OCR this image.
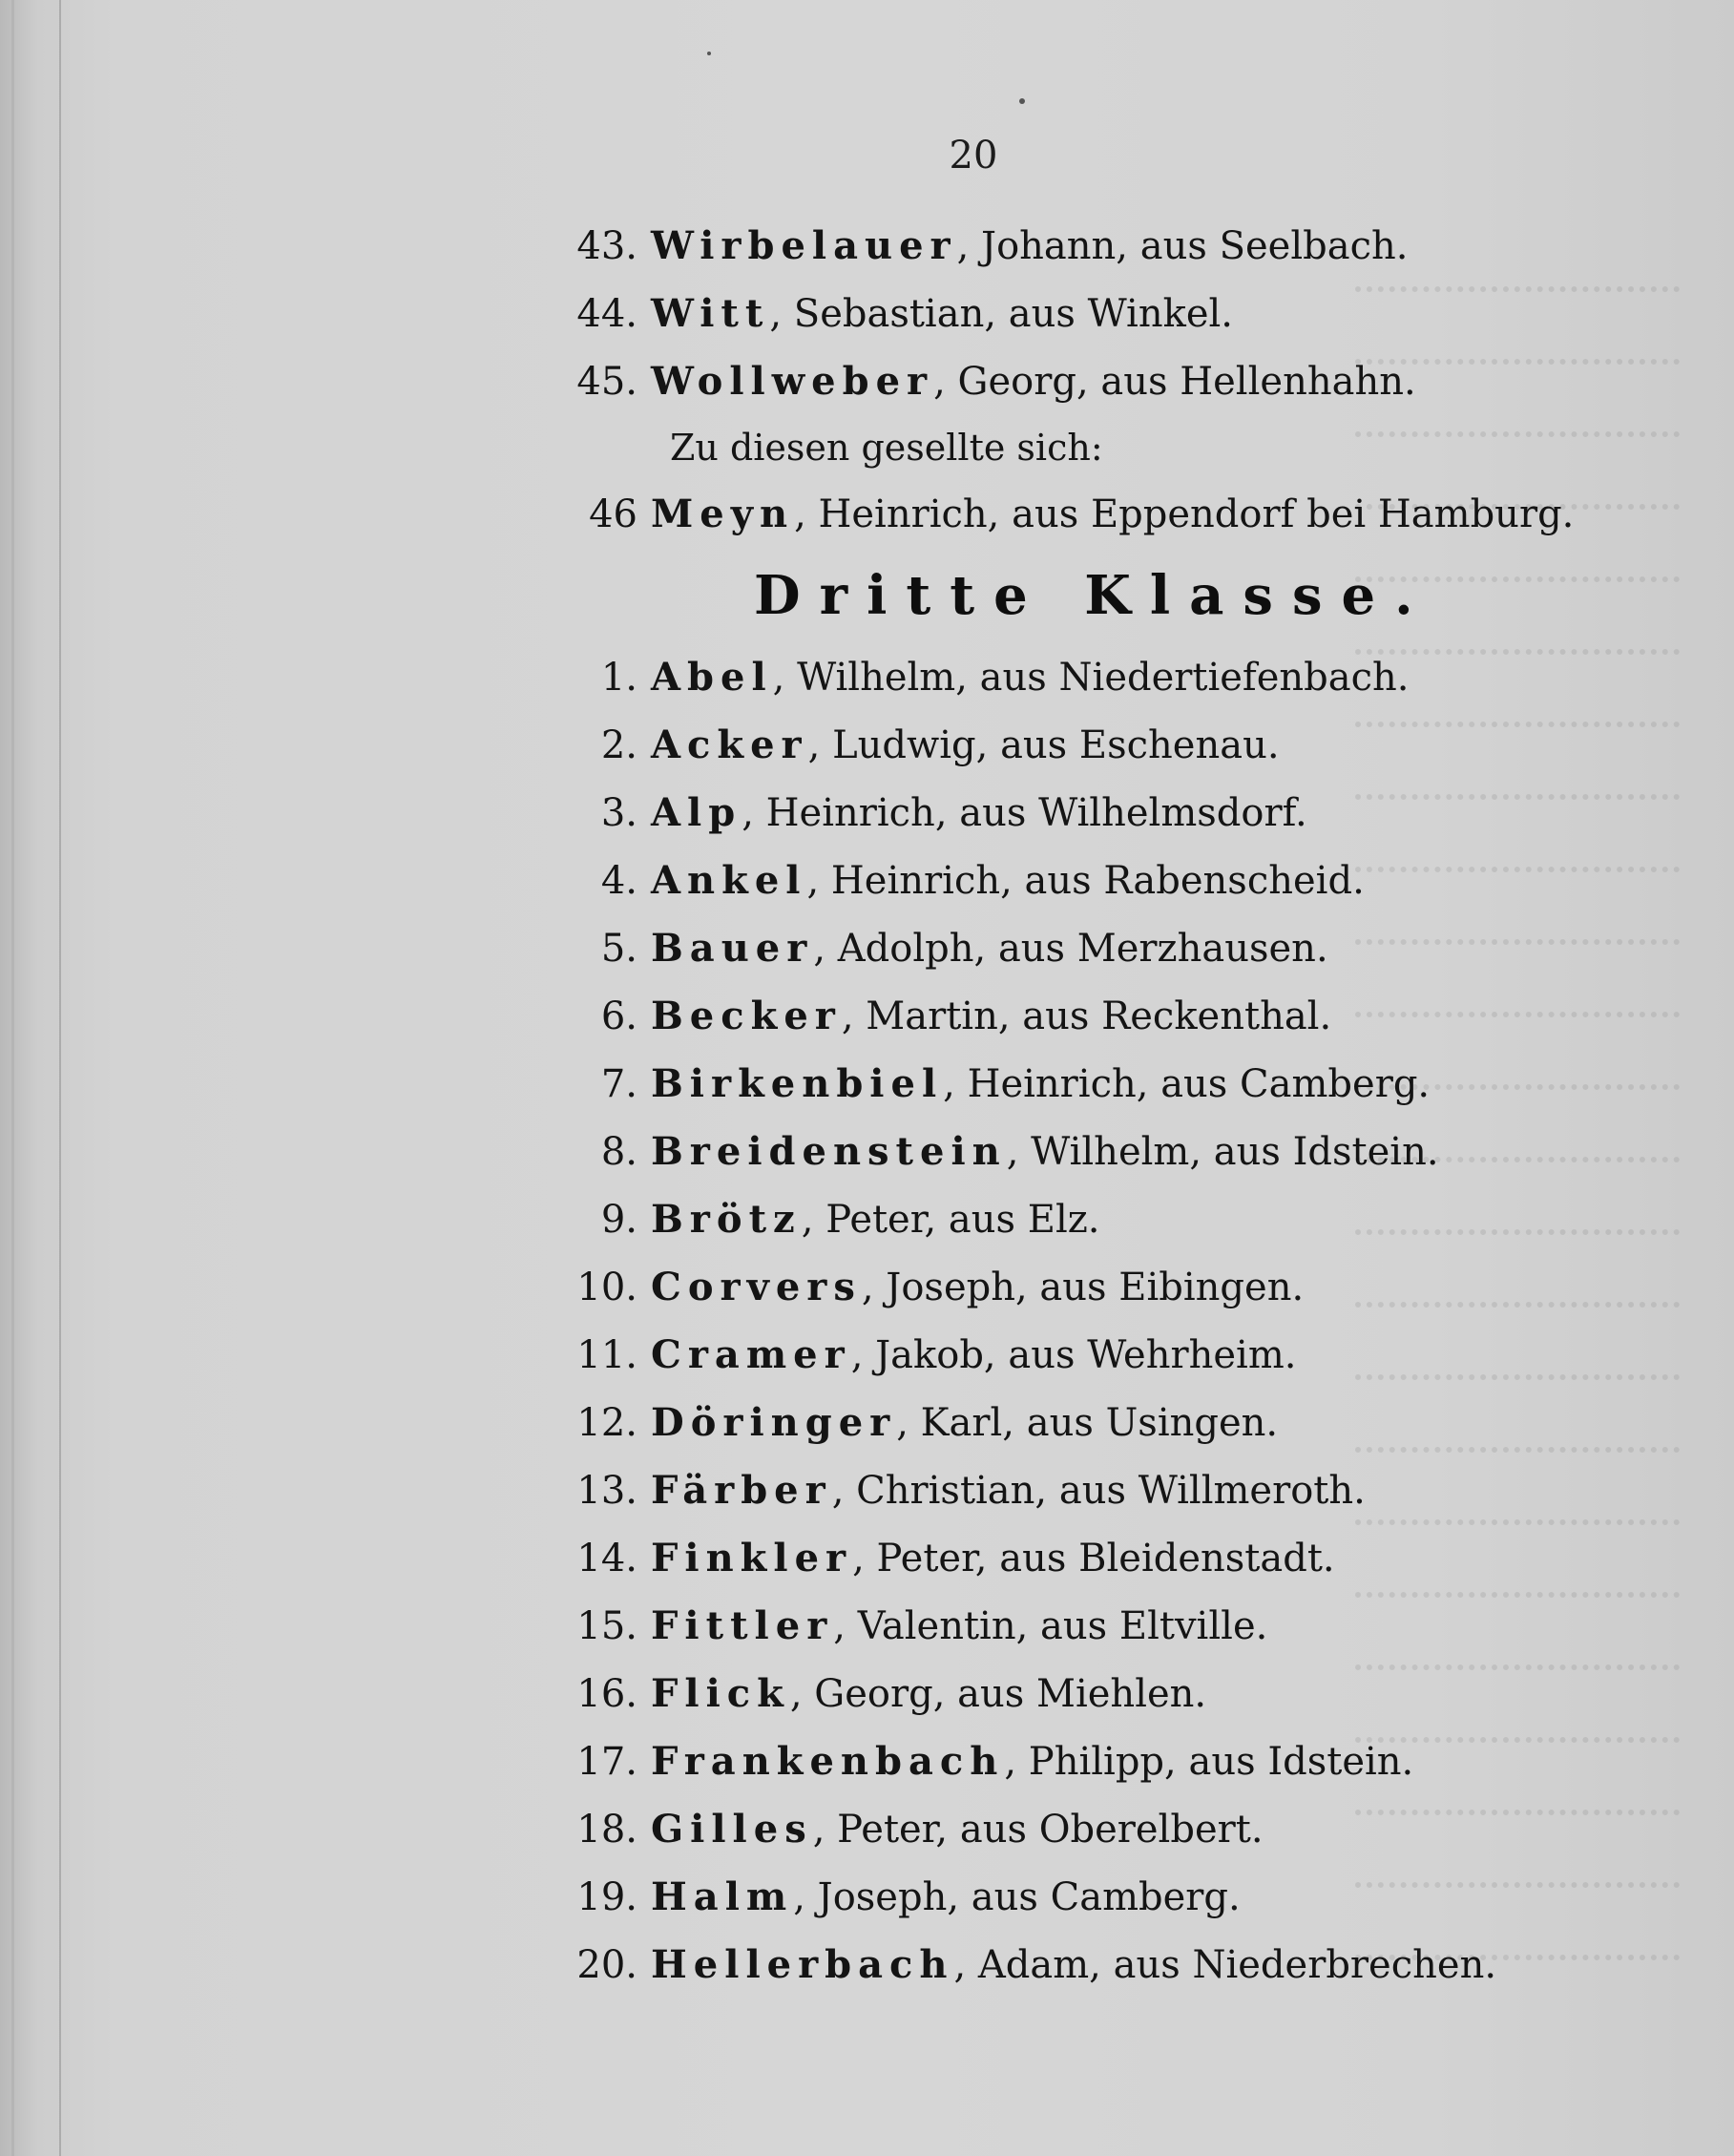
20
43. Wirbelauer, Johann, aus Seelbach.
44. Witt, Sebastian, aus Winkel.
45. Wollweber, Georg, aus Hellenhahn.
Zu diesen gesellte sich:
46 Meyn, Heinrich, aus Eppendorf bei Hamburg.
Dritte Klasse.
1. Abel, Wilhelm, aus Niedertiefenbach.
2. Acker, Ludwig, aus Eschenau.
3. Alp, Heinrich, aus Wilhelmsdorf.
4. Ankel, Heinrich, aus Rabenscheid.
5. Bauer, Adolph, aus Merzhausen.
6. Becker, Martin, aus Reckenthal.
7. Birkenbiel, Heinrich, aus Camberg.
8. Breidenstein, Wilhelm, aus Idstein.
9. Brötz, Peter, aus Elz.
10. Corvers, Joseph, aus Eibingen.
11. Cramer, Jakob, aus Wehrheim.
12. Döringer, Karl, aus Usingen.
13. Färber, Christian, aus Willmeroth.
14. Finkler, Peter, aus Bleidenstadt.
15. Fittler, Valentin, aus Eltville.
16. Flick, Georg, aus Miehlen.
17. Frankenbach, Philipp, aus Idstein.
18. Gilles, Peter, aus Oberelbert.
19. Halm, Joseph, aus Camberg.
20. Hellerbach, Adam, aus Niederbrechen.
